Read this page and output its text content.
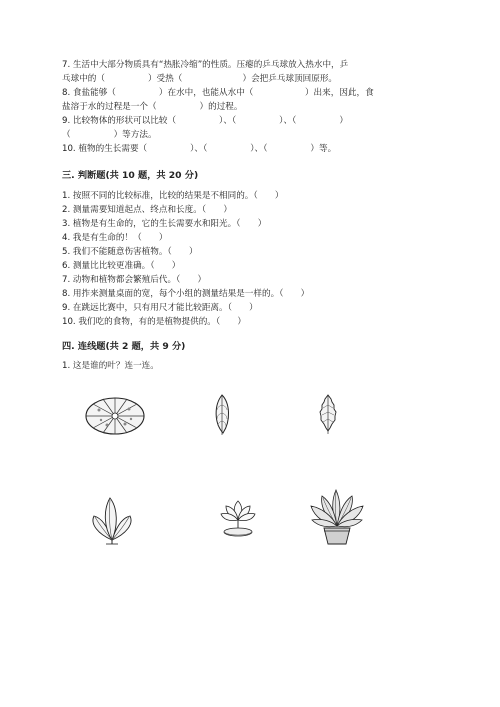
7. 生活中大部分物质具有“热胀冷缩”的性质。压瘪的乒乓球放入热水中，乒
乓球中的（　　　　　）受热（　　　　　　　）会把乒乓球顶回原形。
8. 食盐能够（　　　　　）在水中，也能从水中（　　　　　　）出来，因此，食
盐溶于水的过程是一个（　　　　　）的过程。
9. 比较物体的形状可以比较（　　　　　）、（　　　　　）、（　　　　　）
（　　　　　）等方法。
10. 植物的生长需要（　　　　　）、（　　　　　）、（　　　　　）等。
三. 判断题(共 10 题，共 20 分)
1. 按照不同的比较标准，比较的结果是不相同的。（　　）
2. 测量需要知道起点、终点和长度。（　　）
3. 植物是有生命的，它的生长需要水和阳光。（　　）
4. 我是有生命的！（　　）
5. 我们不能随意伤害植物。（　　）
6. 测量比比较更准确。（　　）
7. 动物和植物都会繁殖后代。（　　）
8. 用拃来测量桌面的宽，每个小组的测量结果是一样的。（　　）
9. 在跳远比赛中，只有用尺才能比较距离。（　　）
10. 我们吃的食物，有的是植物提供的。（　　）
四. 连线题(共 2 题，共 9 分)
1. 这是谁的叶？连一连。
